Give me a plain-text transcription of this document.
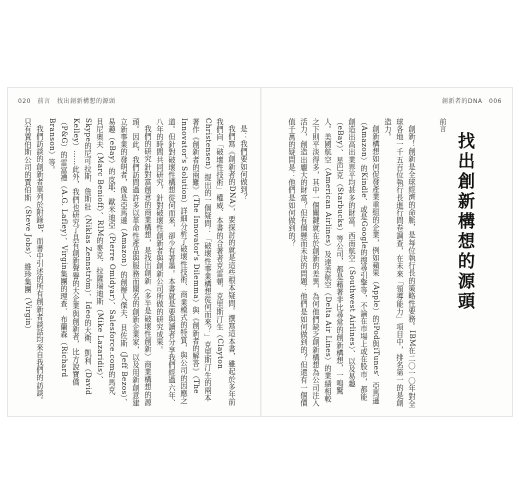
020　前言　找出創新構想的源頭

是：我們要如何做到？

我們寫《創新者的DNA》，要探討的就是這些根本疑問。撰寫這本書，雖起於多年前我們向「破壞性技術」權威、本書的合著者克雷頓．克里斯汀生（Clayton Christensen）提出的一個疑問：「破壞性事業構想從何而來？」克里斯汀生的兩本著作《創新者的兩難》（The Innovator's Dilemma）與《創新者的解答》（The Innovator's Solution）詳細分析了破壞性技術、商業模式的特質，與公司的因應之道。但針對破壞性構想從何而來，卻少有著墨。本書就是要與讀者分享我們經過六年、八年的時間共同研究，針對破壞性創新者與創新公司所做的研究成果。

我們的研究針對富創意的商業構想，是找出創新（多半是破壞性創新）商業構想的源頭。因此，我們訪問過許多以革命性產品與服務而聞名的創新企業家，以及用新創意建立新事業的發明者，像是亞馬遜（Amazon）的創辦人傑夫．貝佐斯（Jeff Bezos）、易趣（eBay）的皮耶．歐米迪亞（Pierre Omidyar）、Salesforce.com的馬克．貝尼奧夫（Marc Benioff）、RIM的麥克．拉薩瑞迪斯（Mike Lazaridis）、Skype的尼可拉斯．詹斯壯（Niklas Zennström）、Ideo的大衛．凱利（David Kelley）……此外，我們也研究了具有創新聲譽的大企業與創新者，比方說寶僑（P&G）的雷富禮（A.G. Lafley）、Virgin集團的理查．布蘭森（Richard Branson）等。

我們訪談的創新者單列於附錄B，而書中引述的所有創新者談話均來自我們的訪談。只有賈伯斯公司的賈伯斯（Steve Jobs）、維珍集團（Virgin）

創新者的DNA　006

創新！創新是全球經濟的命脈，是每位執行長的策略性要務。IBM在二〇一〇年對全球各地一千五百位執行長進行問卷調查，在未來「領導能力」項目中，排名第一的是創造力。

創新構想如何促發產業重組的企業，例如蘋果（Apple）的iPod與iTunes、亞馬遜（Amazon）的Kindle、或是Google的搜尋引擎等，不論在市場上或在股市，都能創造出高出業界平均甚多的財富。西南航空（Southwest Airlines）、以及易趣（eBay）、星巴克（Starbucks）等公司，都是藉著非比尋常的創新構想，一鳴驚人。美國航空（American Airlines）及達美航空（Delta Air Lines）的業績相較之下則平淡得多，其中一個關鍵就在於創新的差異，為何他們缺乏創新構想為公司注入活力，創造出龐大的財富？但有個懸而未決的問題：他們是如何做到的？但還有一個價值千萬的疑問是：他們是如何做到的？	前言
找出創新構想的源頭
